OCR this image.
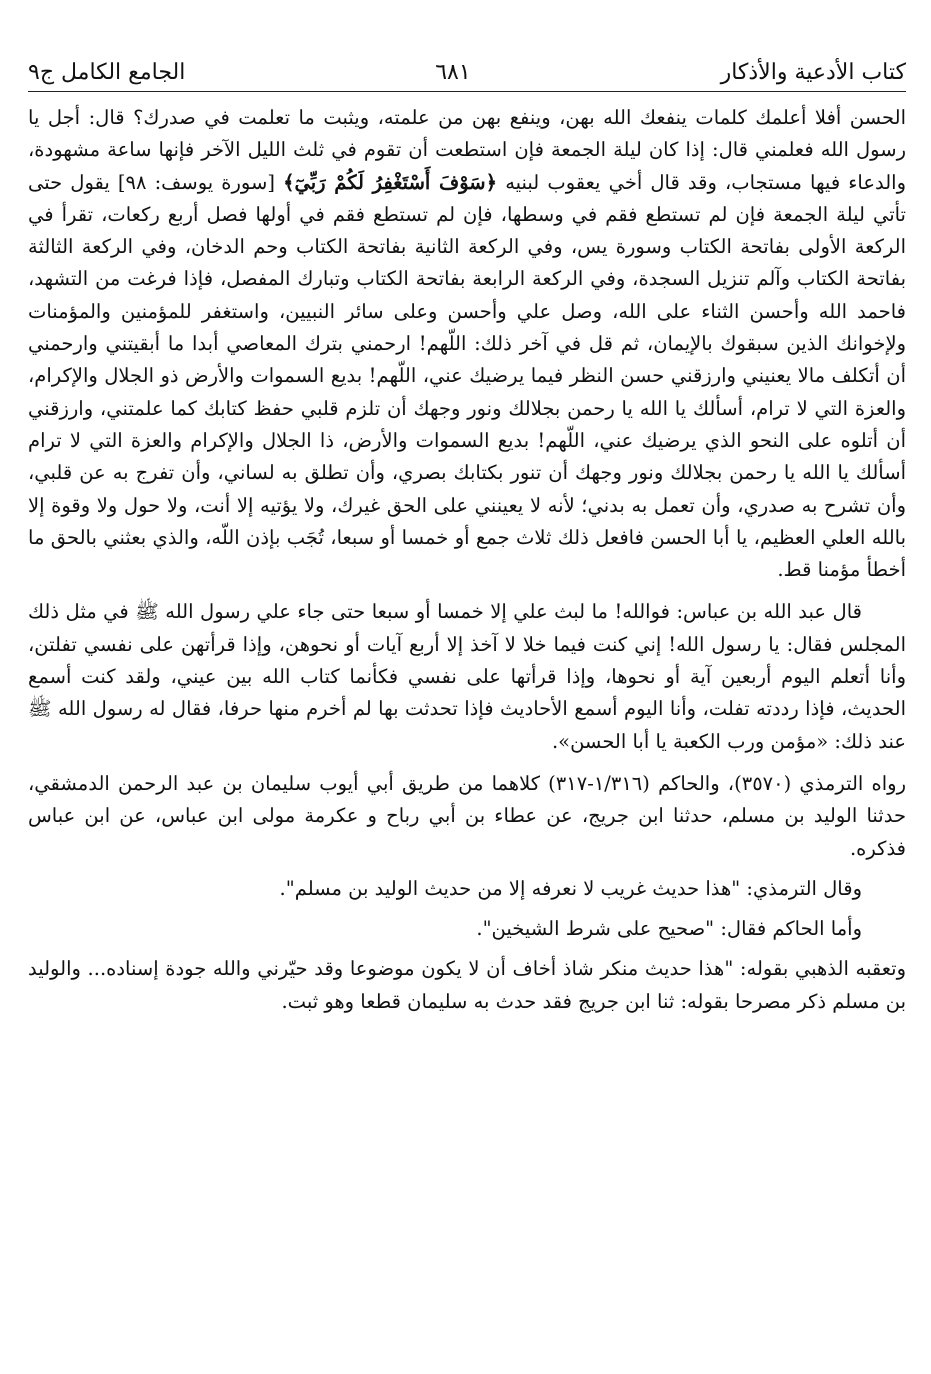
كتاب الأدعية والأذكار
٦٨١
الجامع الكامل ج٩

الحسن أفلا أعلمك كلمات ينفعك الله بهن، وينفع بهن من علمته، ويثبت ما تعلمت في صدرك؟ قال: أجل يا رسول الله فعلمني قال: إذا كان ليلة الجمعة فإن استطعت أن تقوم في ثلث الليل الآخر فإنها ساعة مشهودة، والدعاء فيها مستجاب، وقد قال أخي يعقوب لبنيه ﴿سَوْفَ أَسْتَغْفِرُ لَكُمْ رَبِّيٓ﴾ [سورة يوسف: ٩٨] يقول حتى تأتي ليلة الجمعة فإن لم تستطع فقم في وسطها، فإن لم تستطع فقم في أولها فصل أربع ركعات، تقرأ في الركعة الأولى بفاتحة الكتاب وسورة يس، وفي الركعة الثانية بفاتحة الكتاب وحم الدخان، وفي الركعة الثالثة بفاتحة الكتاب وآلم تنزيل السجدة، وفي الركعة الرابعة بفاتحة الكتاب وتبارك المفصل، فإذا فرغت من التشهد، فاحمد الله وأحسن الثناء على الله، وصل علي وأحسن وعلى سائر النبيين، واستغفر للمؤمنين والمؤمنات ولإخوانك الذين سبقوك بالإيمان، ثم قل في آخر ذلك: اللّهم! ارحمني بترك المعاصي أبدا ما أبقيتني وارحمني أن أتكلف مالا يعنيني وارزقني حسن النظر فيما يرضيك عني، اللّهم! بديع السموات والأرض ذو الجلال والإكرام، والعزة التي لا ترام، أسألك يا الله يا رحمن بجلالك ونور وجهك أن تلزم قلبي حفظ كتابك كما علمتني، وارزقني أن أتلوه على النحو الذي يرضيك عني، اللّهم! بديع السموات والأرض، ذا الجلال والإكرام والعزة التي لا ترام أسألك يا الله يا رحمن بجلالك ونور وجهك أن تنور بكتابك بصري، وأن تطلق به لساني، وأن تفرج به عن قلبي، وأن تشرح به صدري، وأن تعمل به بدني؛ لأنه لا يعينني على الحق غيرك، ولا يؤتيه إلا أنت، ولا حول ولا وقوة إلا بالله العلي العظيم، يا أبا الحسن فافعل ذلك ثلاث جمع أو خمسا أو سبعا، تُجَب بإذن اللّه، والذي بعثني بالحق ما أخطأ مؤمنا قط.

قال عبد الله بن عباس: فوالله! ما لبث علي إلا خمسا أو سبعا حتى جاء علي رسول الله ﷺ في مثل ذلك المجلس فقال: يا رسول الله! إني كنت فيما خلا لا آخذ إلا أربع آيات أو نحوهن، وإذا قرأتهن على نفسي تفلتن، وأنا أتعلم اليوم أربعين آية أو نحوها، وإذا قرأتها على نفسي فكأنما كتاب الله بين عيني، ولقد كنت أسمع الحديث، فإذا رددته تفلت، وأنا اليوم أسمع الأحاديث فإذا تحدثت بها لم أخرم منها حرفا، فقال له رسول الله ﷺ عند ذلك: «مؤمن ورب الكعبة يا أبا الحسن».

رواه الترمذي (٣٥٧٠)، والحاكم (١/٣١٦-٣١٧) كلاهما من طريق أبي أيوب سليمان بن عبد الرحمن الدمشقي، حدثنا الوليد بن مسلم، حدثنا ابن جريج، عن عطاء بن أبي رباح و عكرمة مولى ابن عباس، عن ابن عباس فذكره.

وقال الترمذي: "هذا حديث غريب لا نعرفه إلا من حديث الوليد بن مسلم".

وأما الحاكم فقال: "صحيح على شرط الشيخين".

وتعقبه الذهبي بقوله: "هذا حديث منكر شاذ أخاف أن لا يكون موضوعا وقد حيّرني والله جودة إسناده... والوليد بن مسلم ذكر مصرحا بقوله: ثنا ابن جريج فقد حدث به سليمان قطعا وهو ثبت.
